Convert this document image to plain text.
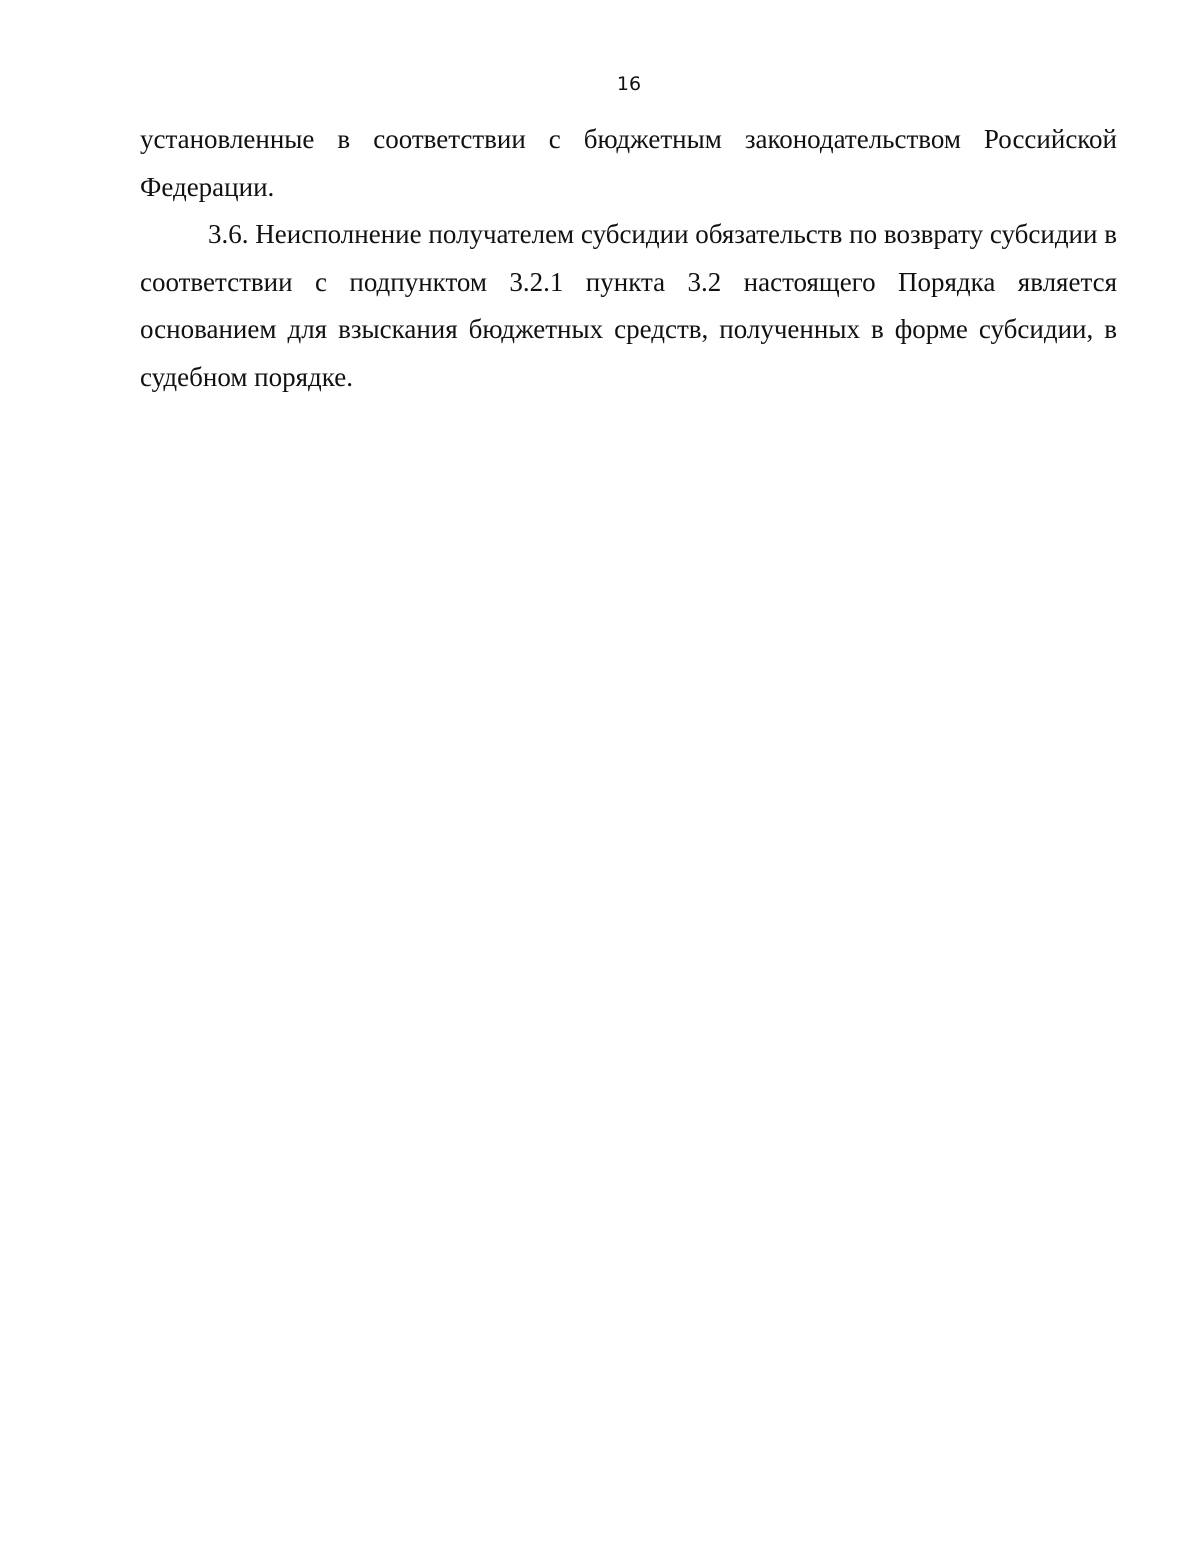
16

установленные в соответствии с бюджетным законодательством Российской Федерации.

3.6. Неисполнение получателем субсидии обязательств по возврату субсидии в соответствии с подпунктом 3.2.1 пункта 3.2 настоящего Порядка является основанием для взыскания бюджетных средств, полученных в форме субсидии, в судебном порядке.
